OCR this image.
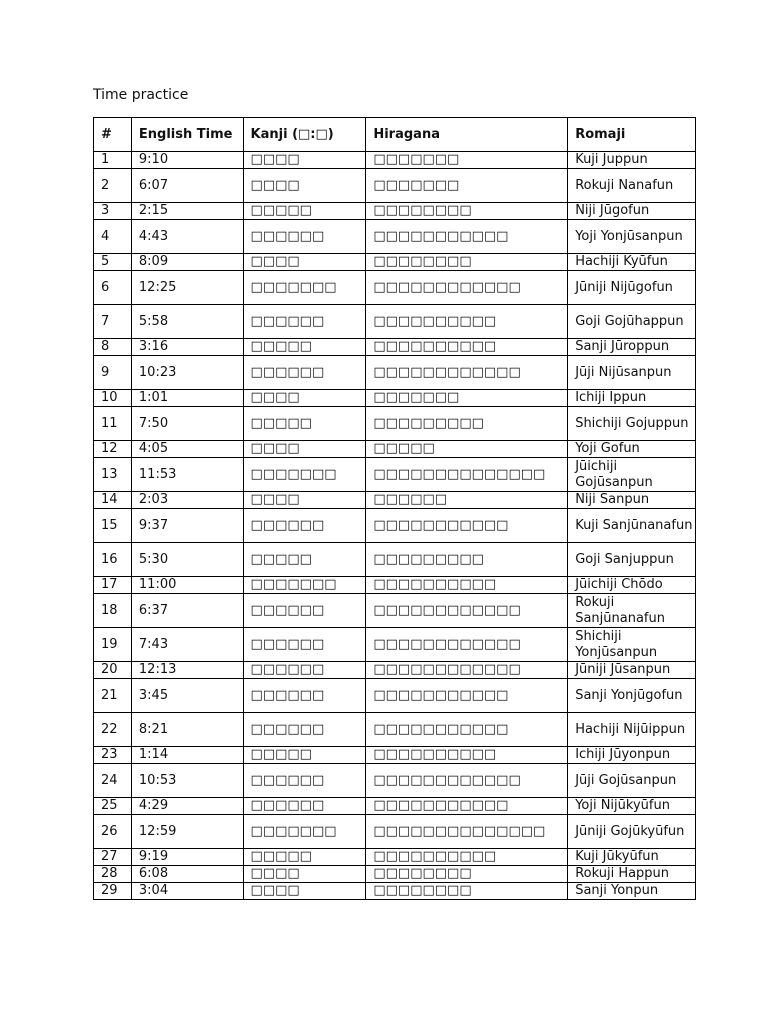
Time practice
#	English Time	Kanji (□:□)	Hiragana	Romaji
1	9:10	□□□□	□□□□□□□	Kuji Juppun
2	6:07	□□□□	□□□□□□□	Rokuji Nanafun
3	2:15	□□□□□	□□□□□□□□	Niji Jūgofun
4	4:43	□□□□□□	□□□□□□□□□□□	Yoji Yonjūsanpun
5	8:09	□□□□	□□□□□□□□	Hachiji Kyūfun
6	12:25	□□□□□□□	□□□□□□□□□□□□	Jūniji Nijūgofun
7	5:58	□□□□□□	□□□□□□□□□□	Goji Gojūhappun
8	3:16	□□□□□	□□□□□□□□□□	Sanji Jūroppun
9	10:23	□□□□□□	□□□□□□□□□□□□	Jūji Nijūsanpun
10	1:01	□□□□	□□□□□□□	Ichiji Ippun
11	7:50	□□□□□	□□□□□□□□□	Shichiji Gojuppun
12	4:05	□□□□	□□□□□	Yoji Gofun
13	11:53	□□□□□□□	□□□□□□□□□□□□□□	Jūichiji Gojūsanpun
14	2:03	□□□□	□□□□□□	Niji Sanpun
15	9:37	□□□□□□	□□□□□□□□□□□	Kuji Sanjūnanafun
16	5:30	□□□□□	□□□□□□□□□	Goji Sanjuppun
17	11:00	□□□□□□□	□□□□□□□□□□	Jūichiji Chōdo
18	6:37	□□□□□□	□□□□□□□□□□□□	Rokuji Sanjūnanafun
19	7:43	□□□□□□	□□□□□□□□□□□□	Shichiji Yonjūsanpun
20	12:13	□□□□□□	□□□□□□□□□□□□	Jūniji Jūsanpun
21	3:45	□□□□□□	□□□□□□□□□□□	Sanji Yonjūgofun
22	8:21	□□□□□□	□□□□□□□□□□□	Hachiji Nijūippun
23	1:14	□□□□□	□□□□□□□□□□	Ichiji Jūyonpun
24	10:53	□□□□□□	□□□□□□□□□□□□	Jūji Gojūsanpun
25	4:29	□□□□□□	□□□□□□□□□□□	Yoji Nijūkyūfun
26	12:59	□□□□□□□	□□□□□□□□□□□□□□	Jūniji Gojūkyūfun
27	9:19	□□□□□	□□□□□□□□□□	Kuji Jūkyūfun
28	6:08	□□□□	□□□□□□□□	Rokuji Happun
29	3:04	□□□□	□□□□□□□□	Sanji Yonpun
